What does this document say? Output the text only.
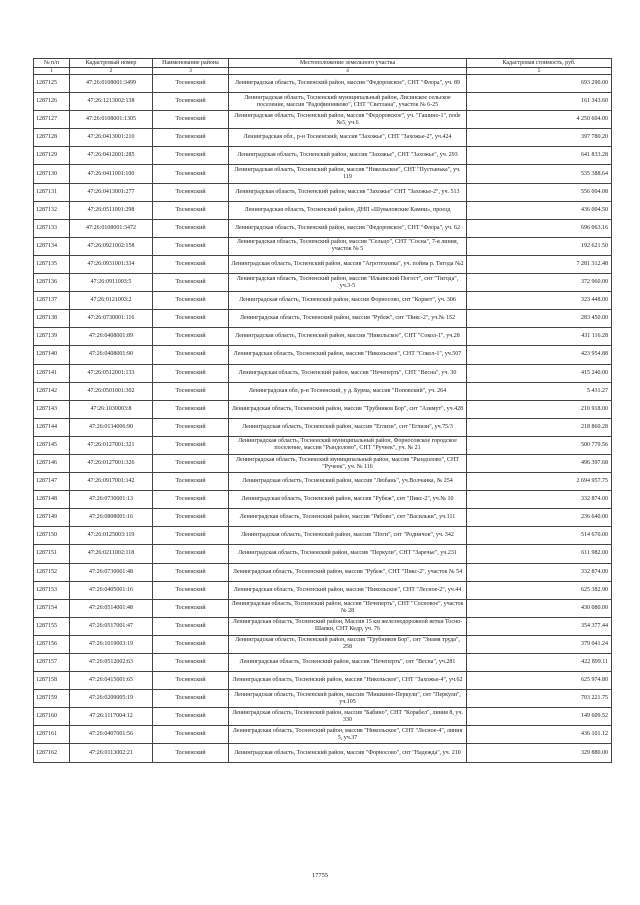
№ п/п	Кадастровый номер	Наименование района	Местоположение земельного участка	Кадастровая стоимость, руб.
1	2	3	4	5
1287125	47:26:0108001:3499	Тосненский	Ленинградская область, Тосненский район, массив "Федоровское", СНТ "Флора", уч. 89	693 290.00
1287126	47:26:1213002:138	Тосненский	Ленинградская область, Тосненский муниципальный район, Лисинское сельское поселение, массив "Радофинниково", СНТ "Светлана", участок № 6-25	161 343.60
1287127	47:26:0108001:1305	Тосненский	Ленинградская область, Тосненский район, массив "Федоровское", уч. "Гашино-1", node №5, уч.6	4 250 604.00
1287128	47:26:0413001:210	Тосненский	Ленинградская обл., р-н Тосненский, массив "Захожье", СНТ "Захожье-2", уч.424	397 780.20
1287129	47:26:0412001:285	Тосненский	Ленинградская область, Тосненский район, массив "Захожье", СНТ "Захожье", уч. 293	641 833.28
1287130	47:26:0411001:100	Тосненский	Ленинградская область, Тосненский район, массив "Никольское", СНТ "Пустынька", уч. 119	535 388.64
1287131	47:26:0413001:277	Тосненский	Ленинградская область, Тосненский район, массив "Захожье" СНТ "Захожье-2", уч. 513	556 004.08
1287132	47:26:0511001:298	Тосненский	Ленинградская область, Тосненский район, ДНП «Шуваловские Камни», проезд	436 004.50
1287133	47:26:0108001:3472	Тосненский	Ленинградская область, Тосненский район, массив "Федоровское", СНТ "Флора", уч. 62	696 063.16
1287134	47:26:0921002:158	Тосненский	Ленинградская область, Тосненский район, массив "Сельцо", СНТ "Сосна", 7-я линия, участок № 5	192 621.50
1287135	47:26:0931001:334	Тосненский	Ленинградская область, Тосненский район, массив "Агротехника", уч. пойма р. Тигода №2	7 281 312.48
1287136	47:26:0911003:5	Тосненский	Ленинградская область, Тосненский район, массив "Ильинский Погост", снт "Тигода", уч.3-5	372 960.00
1287137	47:26:0121003:2	Тосненский	Ленинградская область, Тосненский район, массив Форносово, снт "Корвет", уч. 306	323 448.00
1287138	47:26:0730001:116	Тосненский	Ленинградская область, Тосненский район, массив "Рубеж", снт "Пикс-2", уч.№ 152	283 450.00
1287139	47:26:0408001:89	Тосненский	Ленинградская область, Тосненский район, массив "Никольское", СНТ "Сокол-1", уч.28	431 116.28
1287140	47:26:0408001:90	Тосненский	Ленинградская область, Тосненский район, массив "Никольское", СНТ "Сокол-1", уч.507	423 954.88
1287141	47:26:0512001:133	Тосненский	Ленинградская область, Тосненский район, массив "Нечеперть", СНТ "Весна", уч. 30	415 240.00
1287142	47:26:0501001:302	Тосненский	Ленинградская обл, р-н Тосненский, у д. Бурма, массив "Поповский", уч. 264	5 431.27
1287143	47:26:1030003:8	Тосненский	Ленинградская область, Тосненский район, массив "Трубников Бор", снт "Азимут", уч.428	210 918.00
1287144	47:26:0134006:90	Тосненский	Ленинградская область, Тосненский район, массив "Еглизи", снт "Еглизи", уч.75/3	218 860.28
1287145	47:26:0127001:321	Тосненский	Ленинградская область, Тосненский муниципальный район, Форносовское городское поселение, массив "Рындолово", СНТ "Ручеек", уч. № 21	500 779.56
1287146	47:26:0127001:326	Тосненский	Ленинградская область, Тосненский муниципальный район, массив "Рындолово", СНТ "Ручеек", уч. № 116	496 397.68
1287147	47:26:0917001:142	Тосненский	Ленинградская область, Тосненский район, массив "Любань", уч.Волчанка, № 254	2 694 957.75
1287148	47:26:0730001:13	Тосненский	Ленинградская область, Тосненский район, массив "Рубеж", снт "Пикс-2", уч.№ 10	332 874.00
1287149	47:26:0808001:16	Тосненский	Ленинградская область, Тосненский район, массив "Рябово", снт "Васильки", уч.111	236 640.00
1287150	47:26:0125003:119	Тосненский	Ленинградская область, Тосненский район, массив "Поги", снт "Родничок", уч. 342	514 670.00
1287151	47:26:0211002:118	Тосненский	Ленинградская область, Тосненский район, массив "Перкули", СНТ "Заречье", уч.231	611 982.00
1287152	47:26:0730001:48	Тосненский	Ленинградская область, Тосненский район, массив "Рубеж", СНТ "Пикс-2", участок № 54	332 874.00
1287153	47:26:0405001:16	Тосненский	Ленинградская область, Тосненский район, массив "Никольское", СНТ "Лесное-2", уч.44	625 382.90
1287154	47:26:0514001:48	Тосненский	Ленинградская область, Тосненский район, массив "Нечеперть", СНТ "Сосновое", участок № 28	430 080.00
1287155	47:26:0517001:47	Тосненский	Ленинградская область, Тосненский район, Массив 15 км железнодорожной ветки Тосно-Шапки, СНТ Кедр, уч. 76	354 377.44
1287156	47:26:1019003:19	Тосненский	Ленинградская область, Тосненский район, массив "Трубников Бор", снт "Знамя труда", 258	379 041.24
1287157	47:26:0512002:63	Тосненский	Ленинградская область, Тосненский район, массив "Нечеперть", снт "Весна", уч.281	422 899.11
1287158	47:26:0415001:65	Тосненский	Ленинградская область, Тосненский район, массив "Никольское", СНТ "Захожье-4", уч.62	625 974.80
1287159	47:26:0209005:19	Тосненский	Ленинградская область, Тосненский район, массив "Мишкино-Перкули", снт "Перкули", уч.105	703 221.75
1287160	47:26:1117004:12	Тосненский	Ленинградская область, Тосненский район, массив "Бабино", СНТ "Корабел", линия 8, уч. 330	149 609.52
1287161	47:26:0407001:56	Тосненский	Ленинградская область, Тосненский район, массив "Никольское", СНТ "Лесное-4", линия 5, уч.37	436 101.12
1287162	47:26:0113002:21	Тосненский	Ленинградская область, Тосненский район, массив "Форносово", снт "Надежда", уч. 210	329 880.00
17755
